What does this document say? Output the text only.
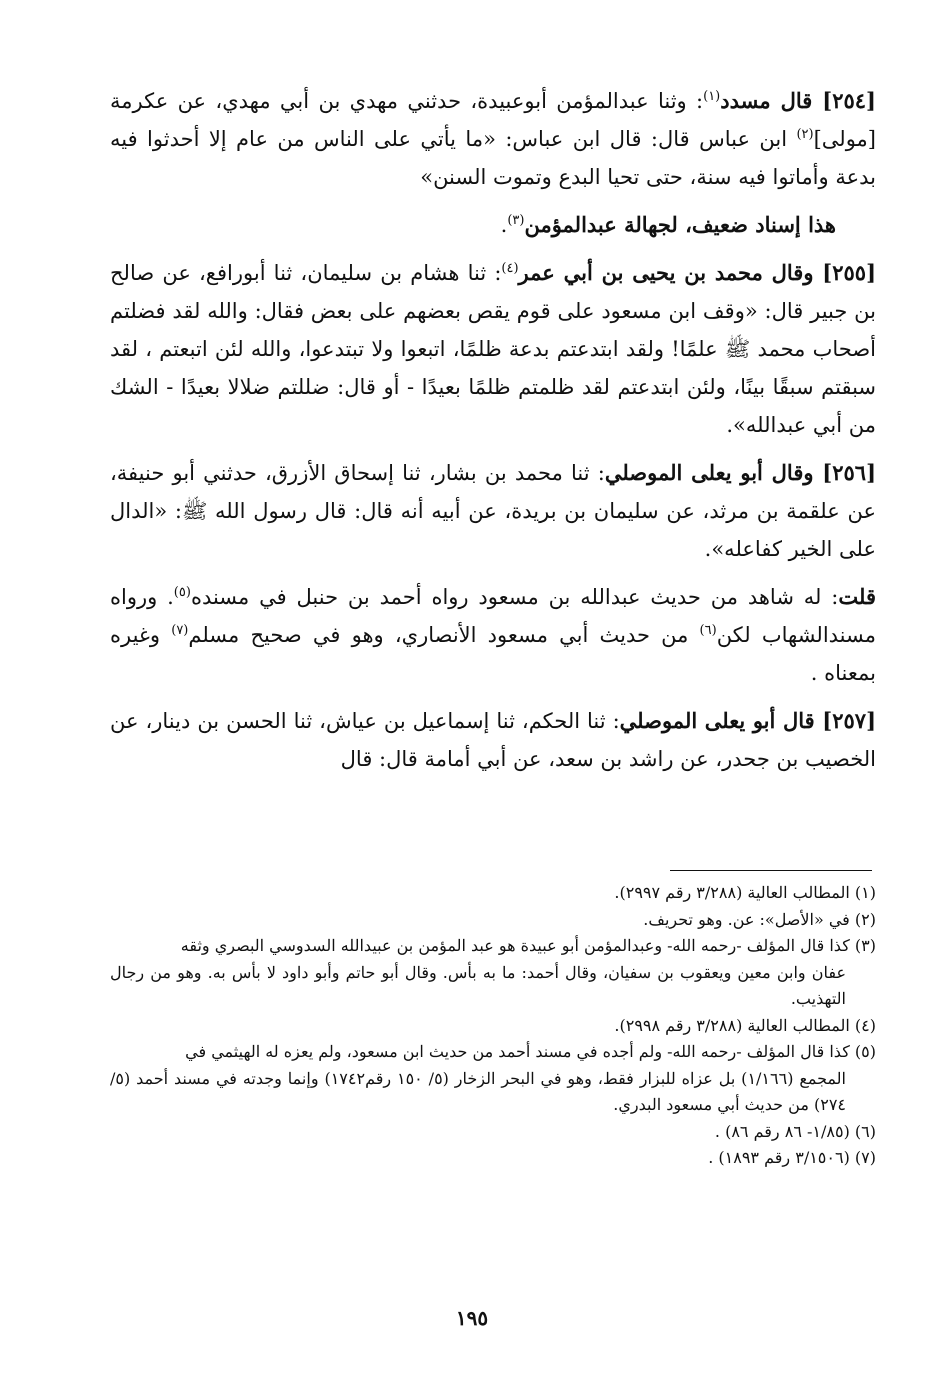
[٢٥٤] قال مسدد$^{(١)}$: وثنا عبدالمؤمن أبوعبيدة، حدثني مهدي بن أبي مهدي، عن عكرمة [مولى]$^{(٢)}$ ابن عباس قال: قال ابن عباس: «ما يأتي على الناس من عام إلا أحدثوا فيه بدعة وأماتوا فيه سنة، حتى تحيا البدع وتموت السنن»

هذا إسناد ضعيف، لجهالة عبدالمؤمن$^{(٣)}$.

[٢٥٥] وقال محمد بن يحيى بن أبي عمر$^{(٤)}$: ثنا هشام بن سليمان، ثنا أبورافع، عن صالح بن جبير قال: «وقف ابن مسعود على قوم يقص بعضهم على بعض فقال: والله لقد فضلتم أصحاب محمد ﷺ علمًا! ولقد ابتدعتم بدعة ظلمًا، اتبعوا ولا تبتدعوا، والله لئن اتبعتم ، لقد سبقتم سبقًا بينًا، ولئن ابتدعتم لقد ظلمتم ظلمًا بعيدًا - أو قال: ضللتم ضلالا بعيدًا - الشك من أبي عبدالله».

[٢٥٦] وقال أبو يعلى الموصلي: ثنا محمد بن بشار، ثنا إسحاق الأزرق، حدثني أبو حنيفة، عن علقمة بن مرثد، عن سليمان بن بريدة، عن أبيه أنه قال: قال رسول الله ﷺ: «الدال على الخير كفاعله».

قلت: له شاهد من حديث عبدالله بن مسعود رواه أحمد بن حنبل في مسنده$^{(٥)}$. ورواه مسندالشهاب لكن$^{(٦)}$ من حديث أبي مسعود الأنصاري، وهو في صحيح مسلم$^{(٧)}$ وغيره بمعناه .

[٢٥٧] قال أبو يعلى الموصلي: ثنا الحكم، ثنا إسماعيل بن عياش، ثنا الحسن بن دينار، عن الخصيب بن جحدر، عن راشد بن سعد، عن أبي أمامة قال: قال

(١) المطالب العالية (٣/٢٨٨ رقم ٢٩٩٧).

(٢) في «الأصل»: عن. وهو تحريف.

(٣) كذا قال المؤلف -رحمه الله- وعبدالمؤمن أبو عبيدة هو عبد المؤمن بن عبيدالله السدوسي البصري وثقه
عفان وابن معين ويعقوب بن سفيان، وقال أحمد: ما به بأس. وقال أبو حاتم وأبو داود لا بأس به. وهو من رجال التهذيب.

(٤) المطالب العالية (٣/٢٨٨ رقم ٢٩٩٨).

(٥) كذا قال المؤلف -رحمه الله- ولم أجده في مسند أحمد من حديث ابن مسعود، ولم يعزه له الهيثمي في
المجمع (١/١٦٦) بل عزاه للبزار فقط، وهو في البحر الزخار (٥/ ١٥٠ رقم١٧٤٢) وإنما وجدته في مسند أحمد (٥/ ٢٧٤) من حديث أبي مسعود البدري.

(٦) (١/٨٥- ٨٦ رقم ٨٦) .

(٧) (٣/١٥٠٦ رقم ١٨٩٣) .

١٩٥
